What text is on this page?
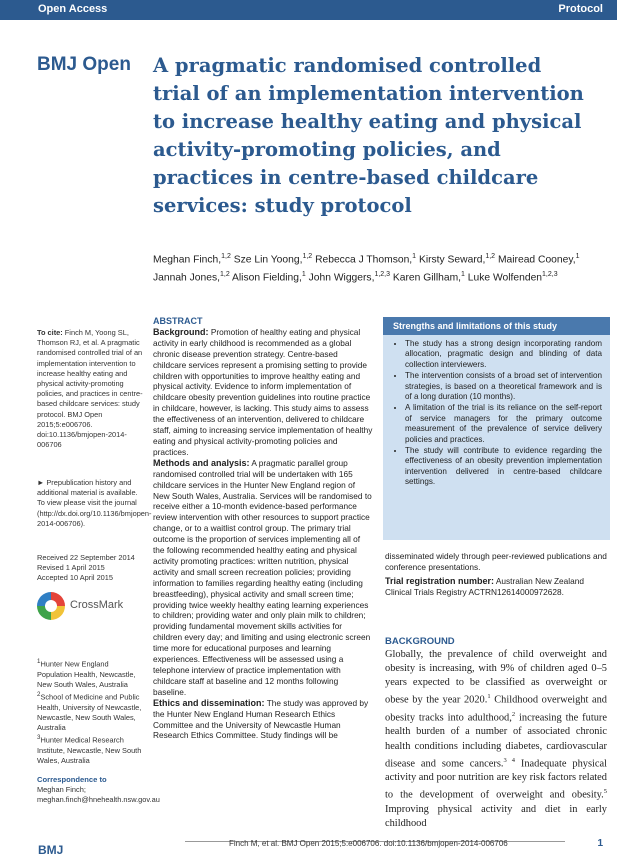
Open Access	Protocol
BMJ Open A pragmatic randomised controlled trial of an implementation intervention to increase healthy eating and physical activity-promoting policies, and practices in centre-based childcare services: study protocol
Meghan Finch,$^{1,2}$ Sze Lin Yoong,$^{1,2}$ Rebecca J Thomson,$^1$ Kirsty Seward,$^{1,2}$ Mairead Cooney,$^1$ Jannah Jones,$^{1,2}$ Alison Fielding,$^1$ John Wiggers,$^{1,2,3}$ Karen Gillham,$^1$ Luke Wolfenden$^{1,2,3}$
To cite: Finch M, Yoong SL, Thomson RJ, et al. A pragmatic randomised controlled trial of an implementation intervention to increase healthy eating and physical activity-promoting policies, and practices in centre-based childcare services: study protocol. BMJ Open 2015;5:e006706. doi:10.1136/bmjopen-2014-006706
► Prepublication history and additional material is available. To view please visit the journal (http://dx.doi.org/10.1136/bmjopen-2014-006706).
Received 22 September 2014
Revised 1 April 2015
Accepted 10 April 2015
CrossMark
$^1$Hunter New England Population Health, Newcastle, New South Wales, Australia
$^2$School of Medicine and Public Health, University of Newcastle, Newcastle, New South Wales, Australia
$^3$Hunter Medical Research Institute, Newcastle, New South Wales, Australia
Correspondence to
Meghan Finch;
meghan.finch@hnehealth.nsw.gov.au
ABSTRACT

Background: Promotion of healthy eating and physical activity in early childhood is recommended as a global chronic disease prevention strategy. Centre-based childcare services represent a promising setting to provide children with opportunities to improve healthy eating and physical activity. Evidence to inform implementation of childcare obesity prevention guidelines into routine practice in childcare, however, is lacking. This study aims to assess the effectiveness of an intervention, delivered to childcare staff, aiming to increasing service implementation of healthy eating and physical activity-promoting policies and practices.

Methods and analysis: A pragmatic parallel group randomised controlled trial will be undertaken with 165 childcare services in the Hunter New England region of New South Wales, Australia. Services will be randomised to receive either a 10-month evidence-based performance review intervention with other resources to support practice change, or to a waitlist control group. The primary trial outcome is the proportion of services implementing all of the following recommended healthy eating and physical activity promoting practices: written nutrition, physical activity and small screen recreation policies; providing information to families regarding healthy eating (including breastfeeding), physical activity and small screen time; providing twice weekly healthy eating learning experiences to children; providing water and only plain milk to children; providing fundamental movement skills activities for children every day; and limiting and using electronic screen time more for educational purposes and learning experiences. Effectiveness will be assessed using a telephone interview of practice implementation with childcare staff at baseline and 12 months following baseline.

Ethics and dissemination: The study was approved by the Hunter New England Human Research Ethics Committee and the University of Newcastle Human Research Ethics Committee. Study findings will be

Strengths and limitations of this study
• The study has a strong design incorporating random allocation, pragmatic design and blinding of data collection interviewers.
• The intervention consists of a broad set of intervention strategies, is based on a theoretical framework and is of a long duration (10 months).
• A limitation of the trial is its reliance on the self-report of service managers for the primary outcome measurement of the prevalence of service delivery policies and practices.
• The study will contribute to evidence regarding the effectiveness of an obesity prevention implementation intervention delivered in centre-based childcare settings.
disseminated widely through peer-reviewed publications and conference presentations.
Trial registration number: Australian New Zealand Clinical Trials Registry ACTRN12614000972628.
BACKGROUND
Globally, the prevalence of child overweight and obesity is increasing, with 9% of children aged 0–5 years expected to be classified as overweight or obese by the year 2020.$^1$ Childhood overweight and obesity tracks into adulthood,$^2$ increasing the future health burden of a number of associated chronic health conditions including diabetes, cardiovascular disease and some cancers.$^{3 4}$ Inadequate physical activity and poor nutrition are key risk factors related to the development of overweight and obesity.$^5$ Improving physical activity and diet in early childhood
Finch M, et al. BMJ Open 2015;5:e006706. doi:10.1136/bmjopen-2014-006706
BMJ	1
